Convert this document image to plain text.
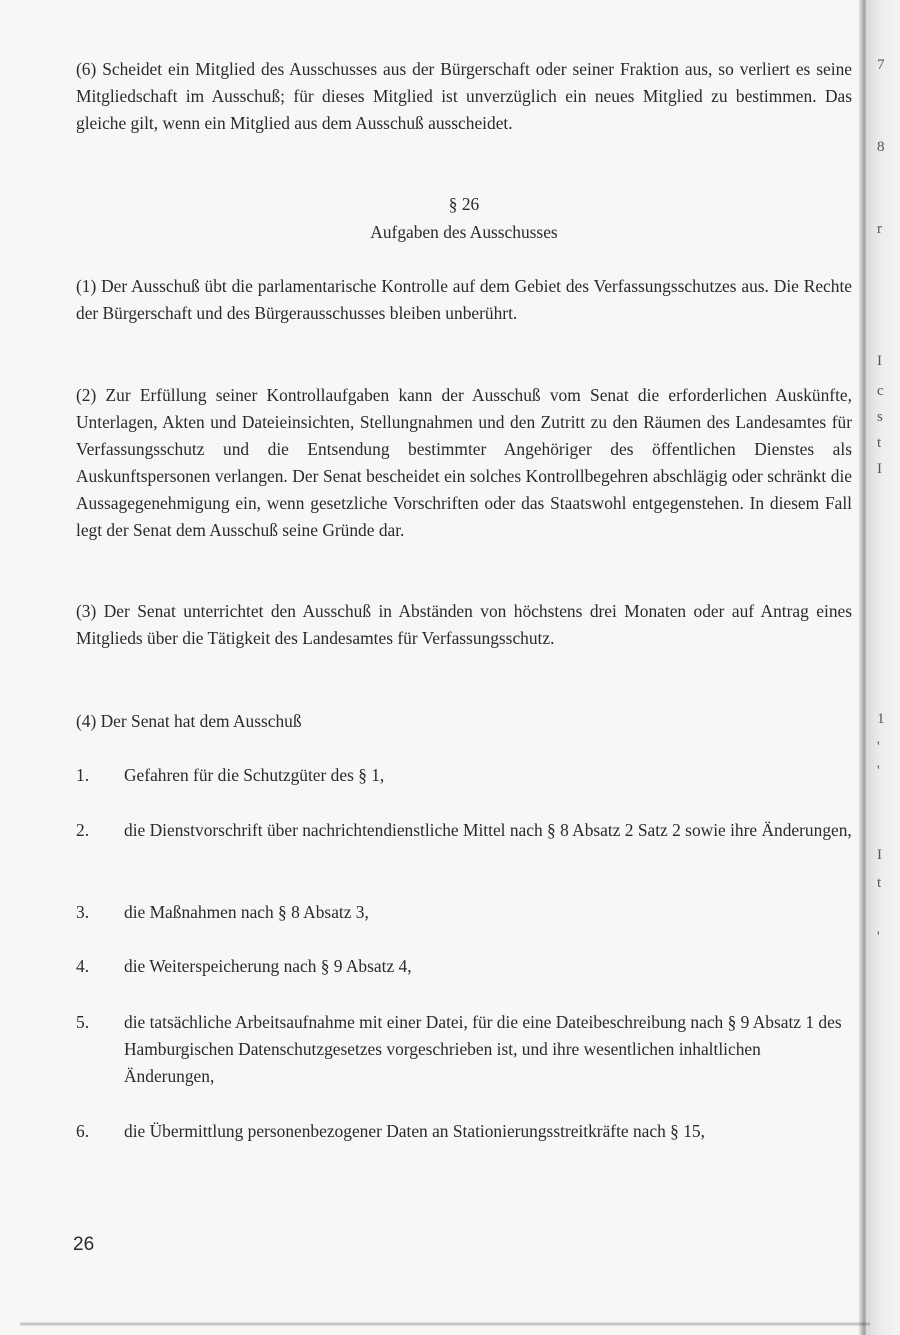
(6) Scheidet ein Mitglied des Ausschusses aus der Bürgerschaft oder seiner Fraktion aus, so verliert es seine Mitgliedschaft im Ausschuß; für dieses Mitglied ist unverzüglich ein neues Mitglied zu bestimmen. Das gleiche gilt, wenn ein Mitglied aus dem Ausschuß ausscheidet.

§ 26
Aufgaben des Ausschusses

(1) Der Ausschuß übt die parlamentarische Kontrolle auf dem Gebiet des Verfassungsschutzes aus. Die Rechte der Bürgerschaft und des Bürgerausschusses bleiben unberührt.

(2) Zur Erfüllung seiner Kontrollaufgaben kann der Ausschuß vom Senat die erforderlichen Auskünfte, Unterlagen, Akten und Dateieinsichten, Stellungnahmen und den Zutritt zu den Räumen des Landesamtes für Verfassungsschutz und die Entsendung bestimmter Angehöriger des öffentlichen Dienstes als Auskunftspersonen verlangen. Der Senat bescheidet ein solches Kontrollbegehren abschlägig oder schränkt die Aussagegenehmigung ein, wenn gesetzliche Vorschriften oder das Staatswohl entgegenstehen. In diesem Fall legt der Senat dem Ausschuß seine Gründe dar.

(3) Der Senat unterrichtet den Ausschuß in Abständen von höchstens drei Monaten oder auf Antrag eines Mitglieds über die Tätigkeit des Landesamtes für Verfassungsschutz.

(4) Der Senat hat dem Ausschuß

1. Gefahren für die Schutzgüter des § 1,

2. die Dienstvorschrift über nachrichtendienstliche Mittel nach § 8 Absatz 2 Satz 2 sowie ihre Änderungen,

3. die Maßnahmen nach § 8 Absatz 3,

4. die Weiterspeicherung nach § 9 Absatz 4,

5. die tatsächliche Arbeitsaufnahme mit einer Datei, für die eine Dateibeschreibung nach § 9 Absatz 1 des Hamburgischen Datenschutzgesetzes vorgeschrieben ist, und ihre wesentlichen inhaltlichen Änderungen,

6. die Übermittlung personenbezogener Daten an Stationierungsstreitkräfte nach § 15,

26
7
8
r
I
c
s
t
I
1
'
'
I
t
'
